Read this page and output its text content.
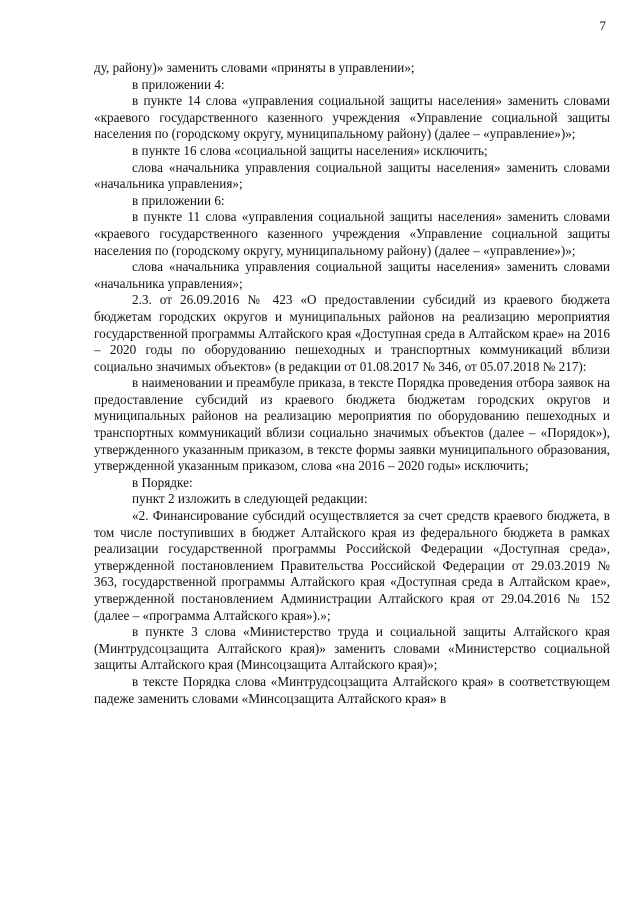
7

ду, району)» заменить словами «приняты в управлении»;

в приложении 4:

в пункте 14 слова «управления социальной защиты населения» заменить словами «краевого государственного казенного учреждения «Управление социальной защиты населения по (городскому округу, муниципальному району) (далее – «управление»)»;

в пункте 16 слова «социальной защиты населения» исключить;

слова «начальника управления социальной защиты населения» заменить словами «начальника управления»;

в приложении 6:

в пункте 11 слова «управления социальной защиты населения» заменить словами «краевого государственного казенного учреждения «Управление социальной защиты населения по (городскому округу, муниципальному району) (далее – «управление»)»;

слова «начальника управления социальной защиты населения» заменить словами «начальника управления»;

2.3. от 26.09.2016 № 423 «О предоставлении субсидий из краевого бюджета бюджетам городских округов и муниципальных районов на реализацию мероприятия государственной программы Алтайского края «Доступная среда в Алтайском крае» на 2016 – 2020 годы по оборудованию пешеходных и транспортных коммуникаций вблизи социально значимых объектов» (в редакции от 01.08.2017 № 346, от 05.07.2018 № 217):

в наименовании и преамбуле приказа, в тексте Порядка проведения отбора заявок на предоставление субсидий из краевого бюджета бюджетам городских округов и муниципальных районов на реализацию мероприятия по оборудованию пешеходных и транспортных коммуникаций вблизи социально значимых объектов (далее – «Порядок»), утвержденного указанным приказом, в тексте формы заявки муниципального образования, утвержденной указанным приказом, слова «на 2016 – 2020 годы» исключить;

в Порядке:

пункт 2 изложить в следующей редакции:

«2. Финансирование субсидий осуществляется за счет средств краевого бюджета, в том числе поступивших в бюджет Алтайского края из федерального бюджета в рамках реализации государственной программы Российской Федерации «Доступная среда», утвержденной постановлением Правительства Российской Федерации от 29.03.2019 № 363, государственной программы Алтайского края «Доступная среда в Алтайском крае», утвержденной постановлением Администрации Алтайского края от 29.04.2016 № 152 (далее – «программа Алтайского края»).»;

в пункте 3 слова «Министерство труда и социальной защиты Алтайского края (Минтрудсоцзащита Алтайского края)» заменить словами «Министерство социальной защиты Алтайского края (Минсоцзащита Алтайского края)»;

в тексте Порядка слова «Минтрудсоцзащита Алтайского края» в соответствующем падеже заменить словами «Минсоцзащита Алтайского края» в
